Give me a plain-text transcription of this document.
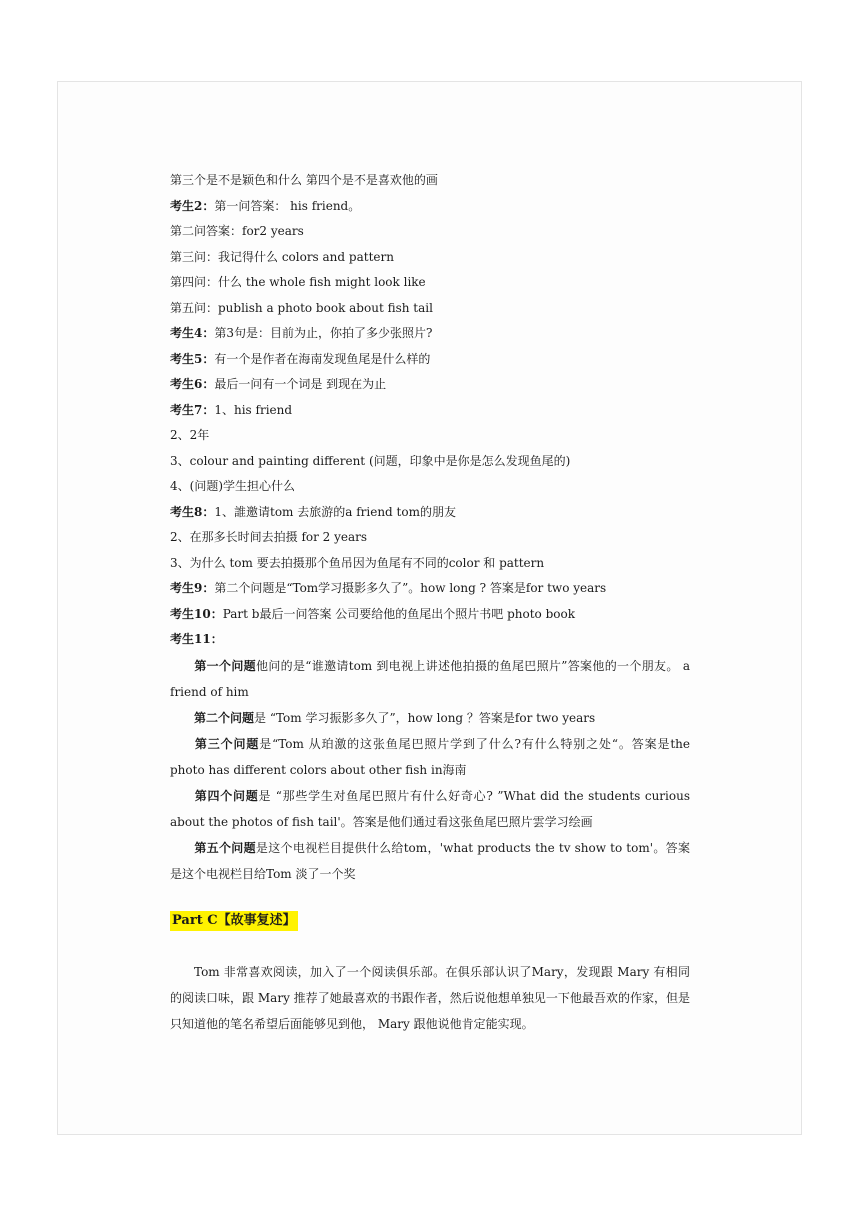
第三个是不是颖色和什么 第四个是不是喜欢他的画
考生2：第一问答案： his friend。
第二问答案：for2 years
第三问：我记得什么 colors and pattern
第四问：什么 the whole fish might look like
第五问：publish a photo book about fish tail
考生4：第3句是：目前为止，你拍了多少张照片?
考生5：有一个是作者在海南发现鱼尾是什么样的
考生6：最后一问有一个词是 到现在为止
考生7：1、his friend
2、2年
3、colour and painting different (问题，印象中是你是怎么发现鱼尾的)
4、(问题)学生担心什么
考生8：1、誰邀请tom 去旅游的a friend tom的朋友
2、在那多长时间去拍摄 for 2 years
3、为什么 tom 要去拍摄那个鱼吊因为鱼尾有不同的color 和 pattern
考生9：第二个问题是“Tom学习摄影多久了”。how long ? 答案是for two years
考生10：Part b最后一问答案 公司要给他的鱼尾出个照片书吧 photo book
考生11：
第一个问题他问的是“谁邀请tom 到电视上讲述他拍摄的鱼尾巴照片”答案他的一个朋友。 a friend of him
第二个问题是 “Tom 学习振影多久了”，how long ？答案是for two years
第三个问题是“Tom 从珀激的这张鱼尾巴照片学到了什么?有什么特别之处“。答案是the photo has different colors about other fish in海南
第四个问题是 “那些学生对鱼尾巴照片有什么好奇心? ”What did the students curious about the photos of fish tail'。答案是他们通过看这张鱼尾巴照片雲学习绘画
第五个问题是这个电视栏目提供什么给tom，'what products the tv show to tom'。答案 是这个电视栏目给Tom 淡了一个奖
Part C【故事复述】
Tom 非常喜欢阅读，加入了一个阅读俱乐部。在俱乐部认识了Mary，发现跟 Mary 有相同的阅读口味，跟 Mary 推荐了她最喜欢的书跟作者，然后说他想单独见一下他最吾欢的作家，但是只知道他的笔名希望后面能够见到他， Mary 跟他说他肯定能实现。
